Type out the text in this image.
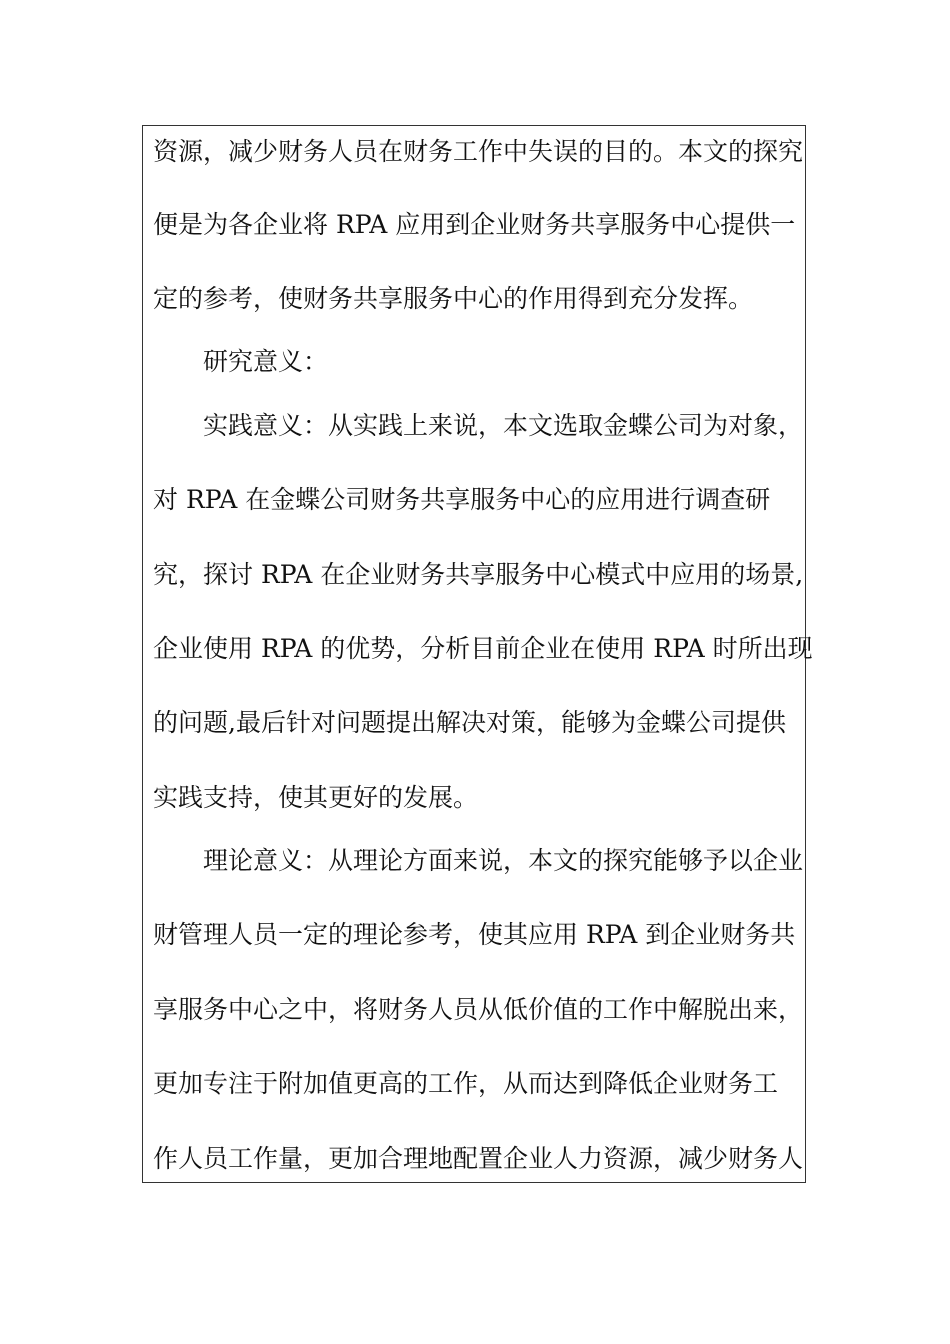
资源，减少财务人员在财务工作中失误的目的。本文的探究
便是为各企业将 RPA 应用到企业财务共享服务中心提供一
定的参考，使财务共享服务中心的作用得到充分发挥。
研究意义：
实践意义：从实践上来说，本文选取金蝶公司为对象，
对 RPA 在金蝶公司财务共享服务中心的应用进行调查研
究，探讨 RPA 在企业财务共享服务中心模式中应用的场景,
企业使用 RPA 的优势，分析目前企业在使用 RPA 时所出现
的问题,最后针对问题提出解决对策，能够为金蝶公司提供
实践支持，使其更好的发展。
理论意义：从理论方面来说，本文的探究能够予以企业
财管理人员一定的理论参考，使其应用 RPA 到企业财务共
享服务中心之中，将财务人员从低价值的工作中解脱出来，
更加专注于附加值更高的工作，从而达到降低企业财务工
作人员工作量，更加合理地配置企业人力资源，减少财务人
